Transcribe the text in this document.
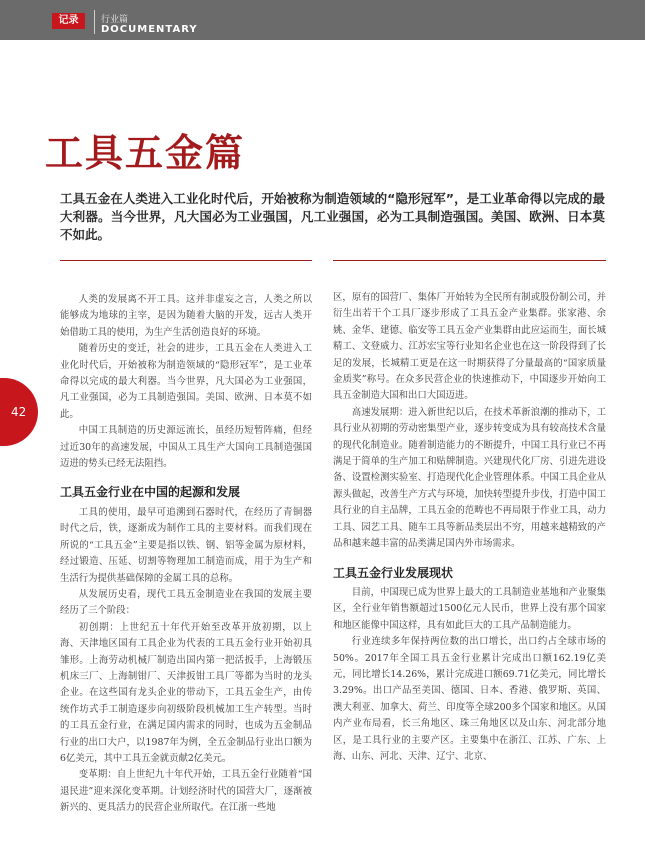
记录	行业篇
DOCUMENTARY
工具五金篇
工具五金在人类进入工业化时代后，开始被称为制造领域的“隐形冠军”，是工业革命得以完成的最大利器。当今世界，凡大国必为工业强国，凡工业强国，必为工具制造强国。美国、欧洲、日本莫不如此。
42

人类的发展离不开工具。这并非虚妄之言，人类之所以能够成为地球的主宰，是因为随着大脑的开发，远古人类开始借助工具的使用，为生产生活创造良好的环境。

随着历史的变迁，社会的进步，工具五金在人类进入工业化时代后，开始被称为制造领域的“隐形冠军”，是工业革命得以完成的最大利器。当今世界，凡大国必为工业强国，凡工业强国，必为工具制造强国。美国、欧洲、日本莫不如此。

中国工具制造的历史源远流长，虽经历短暂阵痛，但经过近30年的高速发展，中国从工具生产大国向工具制造强国迈进的势头已经无法阻挡。

工具五金行业在中国的起源和发展

工具的使用，最早可追溯到石器时代，在经历了青铜器时代之后，铁，逐渐成为制作工具的主要材料。而我们现在所说的“工具五金”主要是指以铁、钢、铝等金属为原材料，经过锻造、压延、切割等物理加工制造而成，用于为生产和生活行为提供基础保障的金属工具的总称。

从发展历史看，现代工具五金制造业在我国的发展主要经历了三个阶段：

初创期：上世纪五十年代开始至改革开放初期，以上海、天津地区国有工具企业为代表的工具五金行业开始初具雏形。上海劳动机械厂制造出国内第一把活扳手，上海锻压机床三厂、上海制钳厂、天津扳钳工具厂等都为当时的龙头企业。在这些国有龙头企业的带动下，工具五金生产，由传统作坊式手工制造逐步向初级阶段机械加工生产转型。当时的工具五金行业，在满足国内需求的同时，也成为五金制品行业的出口大户，以1987年为例，全五金制品行业出口额为6亿美元，其中工具五金就贡献2亿美元。

变革期：自上世纪九十年代开始，工具五金行业随着“国退民进”迎来深化变革期。计划经济时代的国营大厂，逐渐被新兴的、更具活力的民营企业所取代。在江浙一些地

区，原有的国营厂、集体厂开始转为全民所有制或股份制公司，并衍生出若干个工具厂逐步形成了工具五金产业集群。张家港、余姚、金华、建德、临安等工具五金产业集群由此应运而生，面长城精工、文登威力、江苏宏宝等行业知名企业也在这一阶段得到了长足的发展，长城精工更是在这一时期获得了分量最高的“国家质量金质奖”称号。在众多民营企业的快速推动下，中国逐步开始向工具五金制造大国和出口大国迈进。

高速发展期：进入新世纪以后，在技术革新浪潮的推动下，工具行业从初期的劳动密集型产业，逐步转变成为具有较高技术含量的现代化制造业。随着制造能力的不断提升，中国工具行业已不再满足于简单的生产加工和贴牌制造。兴建现代化厂房、引进先进设备、设置检测实验室、打造现代化企业管理体系。中国工具企业从源头做起，改善生产方式与环境，加快转型提升步伐，打造中国工具行业的自主品牌，工具五金的范畴也不再局限于作业工具，动力工具、园艺工具、随车工具等新品类层出不穷，用越来越精致的产品和越来越丰富的品类满足国内外市场需求。

工具五金行业发展现状

目前，中国现已成为世界上最大的工具制造业基地和产业聚集区，全行业年销售额超过1500亿元人民币，世界上没有那个国家和地区能像中国这样，具有如此巨大的工具产品制造能力。

行业连续多年保持两位数的出口增长，出口约占全球市场的50%。2017年全国工具五金行业累计完成出口额162.19亿美元，同比增长14.26%，累计完成进口额69.71亿美元，同比增长3.29%。出口产品至美国、德国、日本、香港、俄罗斯、英国、澳大利亚、加拿大、荷兰、印度等全球200多个国家和地区。从国内产业布局看，长三角地区、珠三角地区以及山东、河北部分地区，是工具行业的主要产区。主要集中在浙江、江苏、广东、上海、山东、河北、天津、辽宁、北京、
